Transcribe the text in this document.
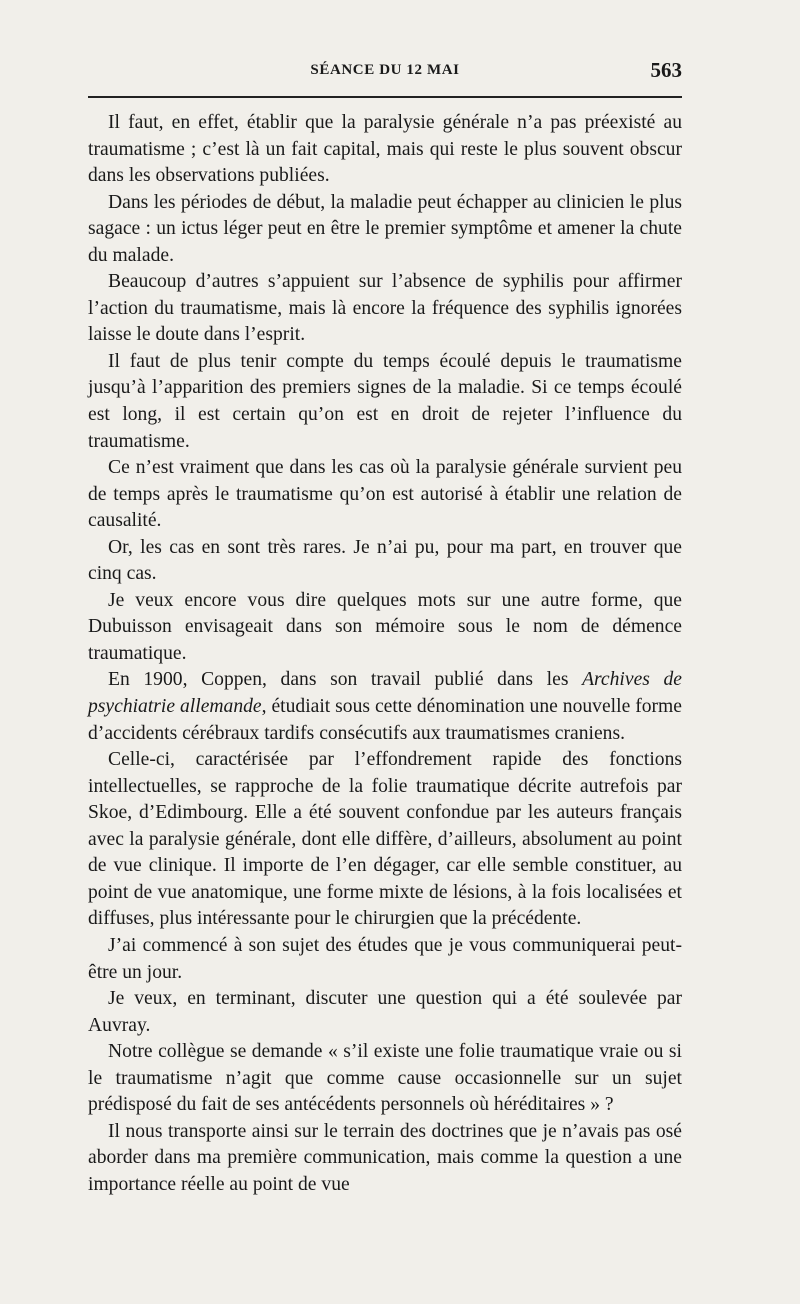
SÉANCE DU 12 MAI	563

Il faut, en effet, établir que la paralysie générale n’a pas préexisté au traumatisme ; c’est là un fait capital, mais qui reste le plus souvent obscur dans les observations publiées.

Dans les périodes de début, la maladie peut échapper au clinicien le plus sagace : un ictus léger peut en être le premier symptôme et amener la chute du malade.

Beaucoup d’autres s’appuient sur l’absence de syphilis pour affirmer l’action du traumatisme, mais là encore la fréquence des syphilis ignorées laisse le doute dans l’esprit.

Il faut de plus tenir compte du temps écoulé depuis le traumatisme jusqu’à l’apparition des premiers signes de la maladie. Si ce temps écoulé est long, il est certain qu’on est en droit de rejeter l’influence du traumatisme.

Ce n’est vraiment que dans les cas où la paralysie générale survient peu de temps après le traumatisme qu’on est autorisé à établir une relation de causalité.

Or, les cas en sont très rares. Je n’ai pu, pour ma part, en trouver que cinq cas.

Je veux encore vous dire quelques mots sur une autre forme, que Dubuisson envisageait dans son mémoire sous le nom de démence traumatique.

En 1900, Coppen, dans son travail publié dans les Archives de psychiatrie allemande, étudiait sous cette dénomination une nouvelle forme d’accidents cérébraux tardifs consécutifs aux traumatismes craniens.

Celle-ci, caractérisée par l’effondrement rapide des fonctions intellectuelles, se rapproche de la folie traumatique décrite autrefois par Skoe, d’Edimbourg. Elle a été souvent confondue par les auteurs français avec la paralysie générale, dont elle diffère, d’ailleurs, absolument au point de vue clinique. Il importe de l’en dégager, car elle semble constituer, au point de vue anatomique, une forme mixte de lésions, à la fois localisées et diffuses, plus intéressante pour le chirurgien que la précédente.

J’ai commencé à son sujet des études que je vous communiquerai peut-être un jour.

Je veux, en terminant, discuter une question qui a été soulevée par Auvray.

Notre collègue se demande « s’il existe une folie traumatique vraie ou si le traumatisme n’agit que comme cause occasionnelle sur un sujet prédisposé du fait de ses antécédents personnels où héréditaires » ?

Il nous transporte ainsi sur le terrain des doctrines que je n’avais pas osé aborder dans ma première communication, mais comme la question a une importance réelle au point de vue
